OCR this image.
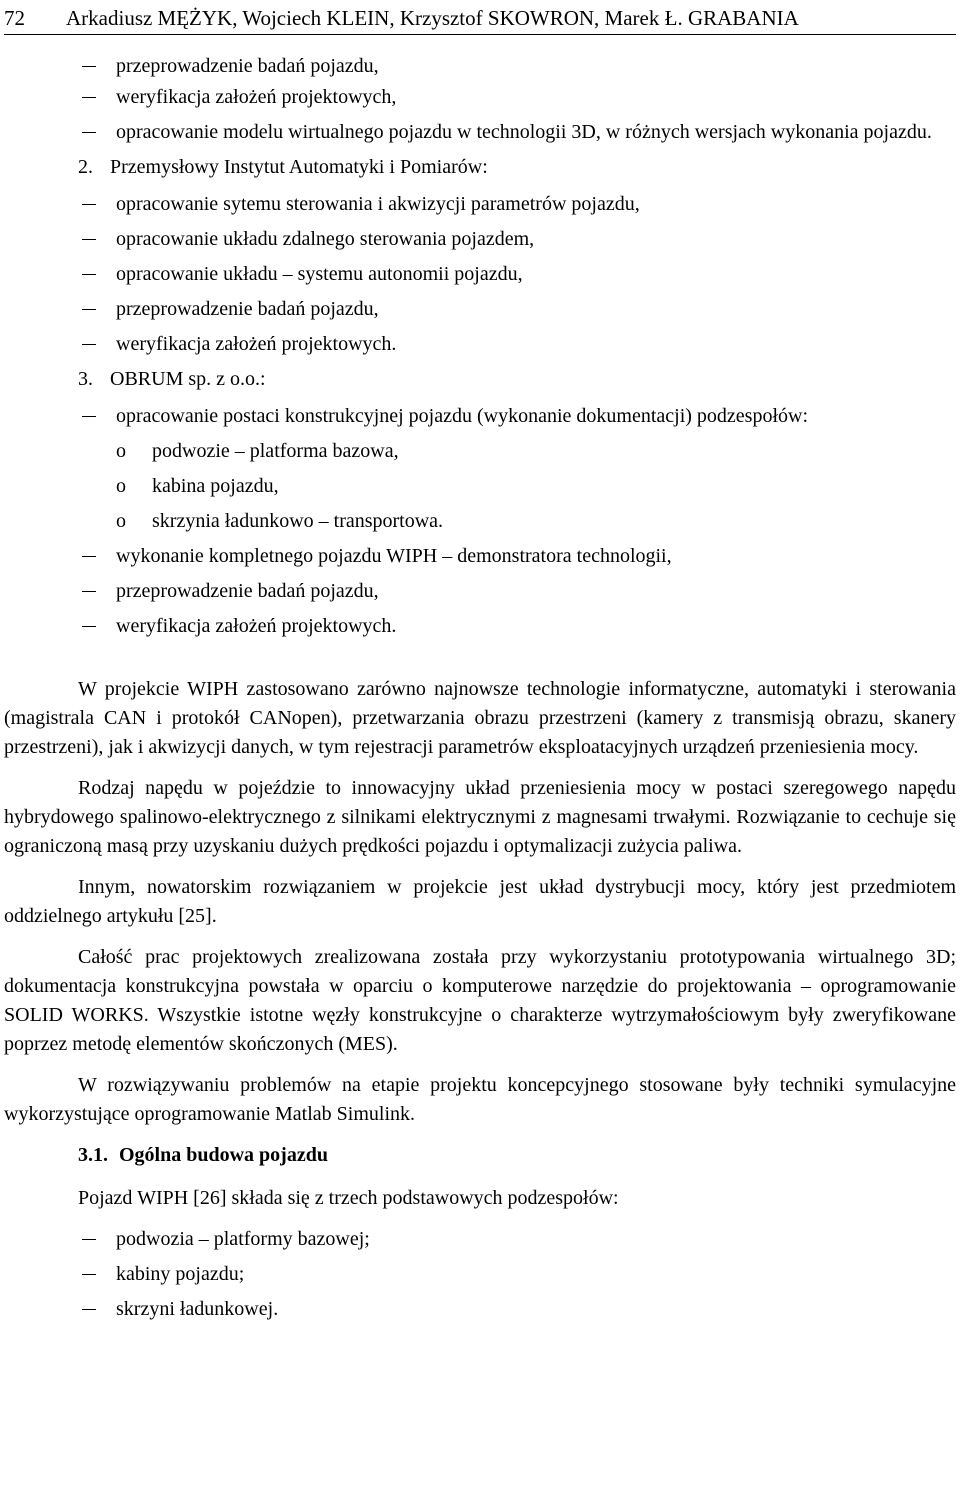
72 Arkadiusz MĘŻYK, Wojciech KLEIN, Krzysztof SKOWRON, Marek Ł. GRABANIA
przeprowadzenie badań pojazdu,
weryfikacja założeń projektowych,
opracowanie modelu wirtualnego pojazdu w technologii 3D, w różnych wersjach wykonania pojazdu.
2. Przemysłowy Instytut Automatyki i Pomiarów:
opracowanie sytemu sterowania i akwizycji parametrów pojazdu,
opracowanie układu zdalnego sterowania pojazdem,
opracowanie układu – systemu autonomii pojazdu,
przeprowadzenie badań pojazdu,
weryfikacja założeń projektowych.
3. OBRUM sp. z o.o.:
opracowanie postaci konstrukcyjnej pojazdu (wykonanie dokumentacji) podzespołów:
o podwozie – platforma bazowa,
o kabina pojazdu,
o skrzynia ładunkowo – transportowa.
wykonanie kompletnego pojazdu WIPH – demonstratora technologii,
przeprowadzenie badań pojazdu,
weryfikacja założeń projektowych.

W projekcie WIPH zastosowano zarówno najnowsze technologie informatyczne, automatyki i sterowania (magistrala CAN i protokół CANopen), przetwarzania obrazu przestrzeni (kamery z transmisją obrazu, skanery przestrzeni), jak i akwizycji danych, w tym rejestracji parametrów eksploatacyjnych urządzeń przeniesienia mocy.

Rodzaj napędu w pojeździe to innowacyjny układ przeniesienia mocy w postaci szeregowego napędu hybrydowego spalinowo-elektrycznego z silnikami elektrycznymi z magnesami trwałymi. Rozwiązanie to cechuje się ograniczoną masą przy uzyskaniu dużych prędkości pojazdu i optymalizacji zużycia paliwa.

Innym, nowatorskim rozwiązaniem w projekcie jest układ dystrybucji mocy, który jest przedmiotem oddzielnego artykułu [25].

Całość prac projektowych zrealizowana została przy wykorzystaniu prototypowania wirtualnego 3D; dokumentacja konstrukcyjna powstała w oparciu o komputerowe narzędzie do projektowania – oprogramowanie SOLID WORKS. Wszystkie istotne węzły konstrukcyjne o charakterze wytrzymałościowym były zweryfikowane poprzez metodę elementów skończonych (MES).

W rozwiązywaniu problemów na etapie projektu koncepcyjnego stosowane były techniki symulacyjne wykorzystujące oprogramowanie Matlab Simulink.

3.1. Ogólna budowa pojazdu

Pojazd WIPH [26] składa się z trzech podstawowych podzespołów:

podwozia – platformy bazowej;
kabiny pojazdu;
skrzyni ładunkowej.
